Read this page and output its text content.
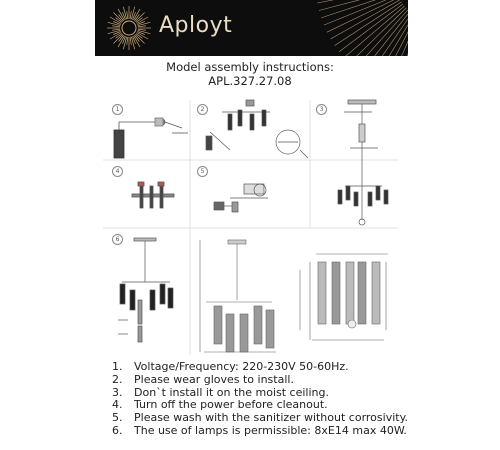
Aployt
Model assembly instructions:
APL.327.27.08
1	2	3
4	5
6
1. Voltage/Frequency: 220-230V 50-60Hz.
2. Please wear gloves to install.
3. Don`t install it on the moist ceiling.
4. Turn off the power before cleanout.
5. Please wash with the sanitizer without corrosivity.
6. The use of lamps is permissible: 8xE14 max 40W.
